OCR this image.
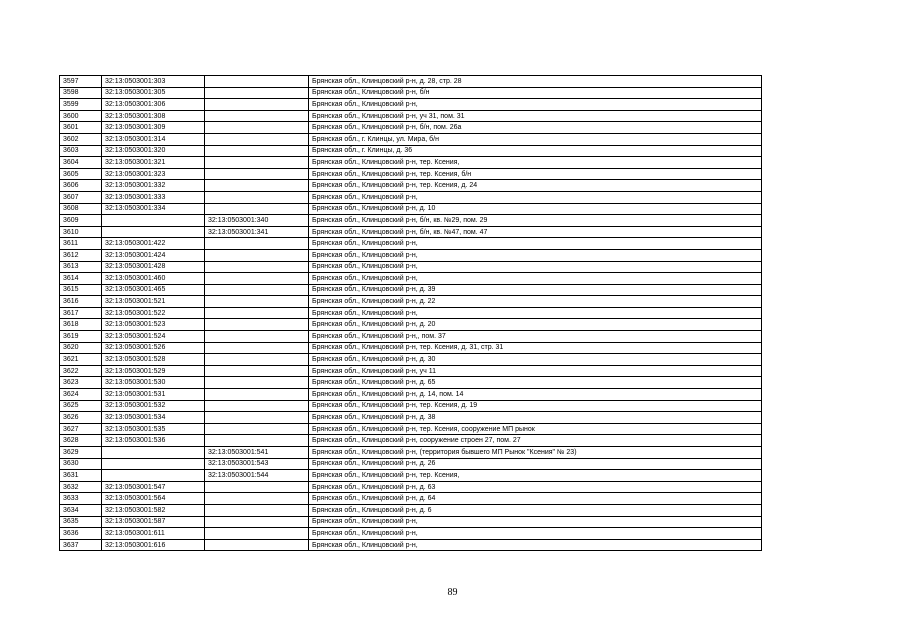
3597	32:13:0503001:303		Брянская обл., Клинцовский р-н, д. 28, стр. 28
3598	32:13:0503001:305		Брянская обл., Клинцовский р-н, б/н
3599	32:13:0503001:306		Брянская обл., Клинцовский р-н,
3600	32:13:0503001:308		Брянская обл., Клинцовский р-н, уч 31, пом. 31
3601	32:13:0503001:309		Брянская обл., Клинцовский р-н, б/н, пом. 26а
3602	32:13:0503001:314		Брянская обл., г. Клинцы, ул. Мира, б/н
3603	32:13:0503001:320		Брянская обл., г. Клинцы, д. 36
3604	32:13:0503001:321		Брянская обл., Клинцовский р-н, тер. Ксения,
3605	32:13:0503001:323		Брянская обл., Клинцовский р-н, тер. Ксения, б/н
3606	32:13:0503001:332		Брянская обл., Клинцовский р-н, тер. Ксения, д. 24
3607	32:13:0503001:333		Брянская обл., Клинцовский р-н,
3608	32:13:0503001:334		Брянская обл., Клинцовский р-н, д. 10
3609		32:13:0503001:340	Брянская обл., Клинцовский р-н, б/н, кв. №29, пом. 29
3610		32:13:0503001:341	Брянская обл., Клинцовский р-н, б/н, кв. №47, пом. 47
3611	32:13:0503001:422		Брянская обл., Клинцовский р-н,
3612	32:13:0503001:424		Брянская обл., Клинцовский р-н,
3613	32:13:0503001:428		Брянская обл., Клинцовский р-н,
3614	32:13:0503001:460		Брянская обл., Клинцовский р-н,
3615	32:13:0503001:465		Брянская обл., Клинцовский р-н, д. 39
3616	32:13:0503001:521		Брянская обл., Клинцовский р-н, д. 22
3617	32:13:0503001:522		Брянская обл., Клинцовский р-н,
3618	32:13:0503001:523		Брянская обл., Клинцовский р-н, д. 20
3619	32:13:0503001:524		Брянская обл., Клинцовский р-н,, пом. 37
3620	32:13:0503001:526		Брянская обл., Клинцовский р-н, тер. Ксения, д. 31, стр. 31
3621	32:13:0503001:528		Брянская обл., Клинцовский р-н, д. 30
3622	32:13:0503001:529		Брянская обл., Клинцовский р-н, уч 11
3623	32:13:0503001:530		Брянская обл., Клинцовский р-н, д. 65
3624	32:13:0503001:531		Брянская обл., Клинцовский р-н, д. 14, пом. 14
3625	32:13:0503001:532		Брянская обл., Клинцовский р-н, тер. Ксения, д. 19
3626	32:13:0503001:534		Брянская обл., Клинцовский р-н, д. 38
3627	32:13:0503001:535		Брянская обл., Клинцовский р-н, тер. Ксения, сооружение МП рынок
3628	32:13:0503001:536		Брянская обл., Клинцовский р-н, сооружение строен 27, пом. 27
3629		32:13:0503001:541	Брянская обл., Клинцовский р-н, (территория бывшего МП Рынок "Ксения" № 23)
3630		32:13:0503001:543	Брянская обл., Клинцовский р-н, д. 26
3631		32:13:0503001:544	Брянская обл., Клинцовский р-н, тер. Ксения,
3632	32:13:0503001:547		Брянская обл., Клинцовский р-н, д. 63
3633	32:13:0503001:564		Брянская обл., Клинцовский р-н, д. 64
3634	32:13:0503001:582		Брянская обл., Клинцовский р-н, д. 6
3635	32:13:0503001:587		Брянская обл., Клинцовский р-н,
3636	32:13:0503001:611		Брянская обл., Клинцовский р-н,
3637	32:13:0503001:616		Брянская обл., Клинцовский р-н,
89
